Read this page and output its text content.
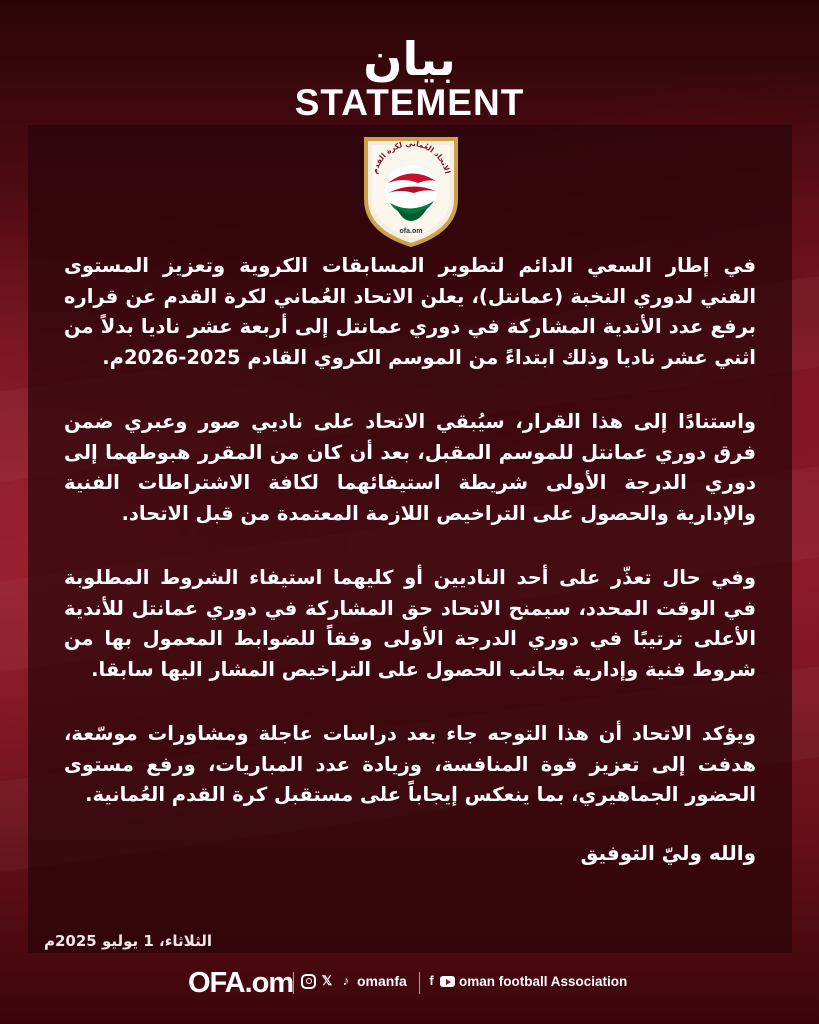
بيان
STATEMENT

في إطار السعي الدائم لتطوير المسابقات الكروية وتعزيز المستوى الفني لدوري النخبة (عمانتل)، يعلن الاتحاد العُماني لكرة القدم عن قراره برفع عدد الأندية المشاركة في دوري عمانتل إلى أربعة عشر ناديا بدلاً من اثني عشر ناديا وذلك ابتداءً من الموسم الكروي القادم 2025-2026م.

واستنادًا إلى هذا القرار، سيُبقي الاتحاد على ناديي صور وعبري ضمن فرق دوري عمانتل للموسم المقبل، بعد أن كان من المقرر هبوطهما إلى دوري الدرجة الأولى شريطة استيفائهما لكافة الاشتراطات الفنية والإدارية والحصول على التراخيص اللازمة المعتمدة من قبل الاتحاد.

وفي حال تعذّر على أحد الناديين أو كليهما استيفاء الشروط المطلوبة في الوقت المحدد، سيمنح الاتحاد حق المشاركة في دوري عمانتل للأندية الأعلى ترتيبًا في دوري الدرجة الأولى وفقاً للضوابط المعمول بها من شروط فنية وإدارية بجانب الحصول على التراخيص المشار اليها سابقا.

ويؤكد الاتحاد أن هذا التوجه جاء بعد دراسات عاجلة ومشاورات موسّعة، هدفت إلى تعزيز قوة المنافسة، وزيادة عدد المباريات، ورفع مستوى الحضور الجماهيري، بما ينعكس إيجاباً على مستقبل كرة القدم العُمانية.

والله وليّ التوفيق
الاتحاد العُماني لكرة القدم
ofa.om
الثلاثاء، 1 يوليو 2025م
OFA.om 𝕏 ♪ omanfa f oman football Association
